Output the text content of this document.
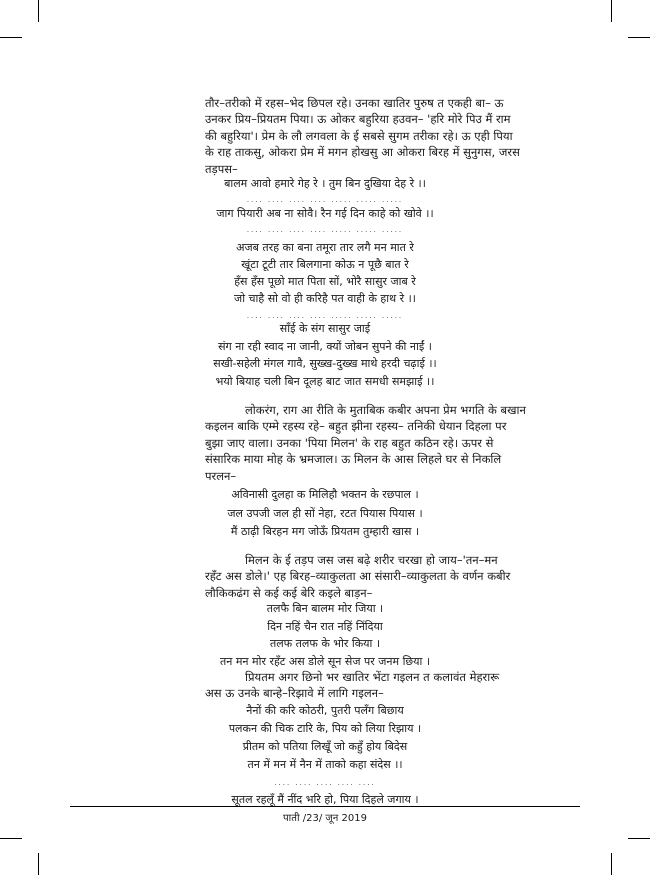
तौर–तरीको में रहस–भेद छिपल रहे। उनका खातिर पुरुष त एकही बा– ऊ
उनकर प्रिय–प्रियतम पिया। ऊ ओकर बहुरिया हउवन– 'हरि मोरे पिउ मैं राम
की बहुरिया'। प्रेम के लौ लगवला के ई सबसे सुगम तरीका रहे। ऊ एही पिया
के राह ताकसु, ओकरा प्रेम में मगन होखसु आ ओकरा बिरह में सुनुगस, जरस
तड़पस–
बालम आवो हमारे गेह रे । तुम बिन दुखिया देह रे ।।
.... .... .... .... ..... ..... .....
जाग पियारी अब ना सोवै। रैन गई दिन काहे को खोवे ।।
.... .... .... .... ..... ..... .....
अजब तरह का बना तमूरा तार लगै मन मात रे
खूंटा टूटी तार बिलगाना कोऊ न पूछै बात रे
हँस हँस पूछो मात पिता सों, भोरै सासुर जाब रे
जो चाहै सो वो ही करिहै पत वाही के हाथ रे ।।
.... .... .... .... ..... ..... .....
साँई के संग सासुर जाई
संग ना रही स्वाद ना जानी, क्यों जोबन सुपने की नाईं ।
सखी-सहेली मंगल गावै, सुख्ख-दुख्ख माथे हरदी चढ़ाई ।।
भयो बियाह चली बिन दूलह बाट जात समधी समझाई ।।
लोकरंग, राग आ रीति के मुताबिक कबीर अपना प्रेम भगति के बखान
कइलन बाकि एम्मे रहस्य रहे– बहुत झीना रहस्य– तनिकी धेयान दिहला पर
बुझा जाए वाला। उनका 'पिया मिलन' के राह बहुत कठिन रहे। ऊपर से
संसारिक माया मोह के भ्रमजाल। ऊ मिलन के आस लिहले घर से निकलि
परलन–
अविनासी दुलहा क मिलिहौ भक्तन के रछपाल ।
जल उपजी जल ही सों नेहा, रटत पियास पियास ।
मैं ठाढ़ी बिरहन मग जोऊँ प्रियतम तुम्हारी खास ।
मिलन के ई तड़प जस जस बढ़े शरीर चरखा हो जाय–'तन–मन
रहँट अस डोले।' एह बिरह–व्याकुलता आ संसारी–व्याकुलता के वर्णन कबीर
लौकिकढंग से कई कई बेरि कइले बाड़न–
तलफै बिन बालम मोर जिया ।
दिन नहिं चैन रात नहिं निंदिया
तलफ तलफ के भोर किया ।
तन मन मोर रहँट अस डोले सून सेज पर जनम छिया ।
प्रियतम अगर छिनो भर खातिर भेंटा गइलन त कलावंत मेहरारू
अस ऊ उनके बान्हे–रिझावे में लागि गइलन–
नैनों की करि कोठरी, पुतरी पलँग बिछाय
पलकन की चिक टारि के, पिय को लिया रिझाय ।
प्रीतम को पतिया लिखूँ जो कहुँ होय बिदेस
तन में मन में नैन में ताको कहा संदेस ।।
.... .... .... .... ....
सूतल रहलूँ मैं नींद भरि हो, पिया दिहले जगाय ।
पाती /23/ जून 2019
